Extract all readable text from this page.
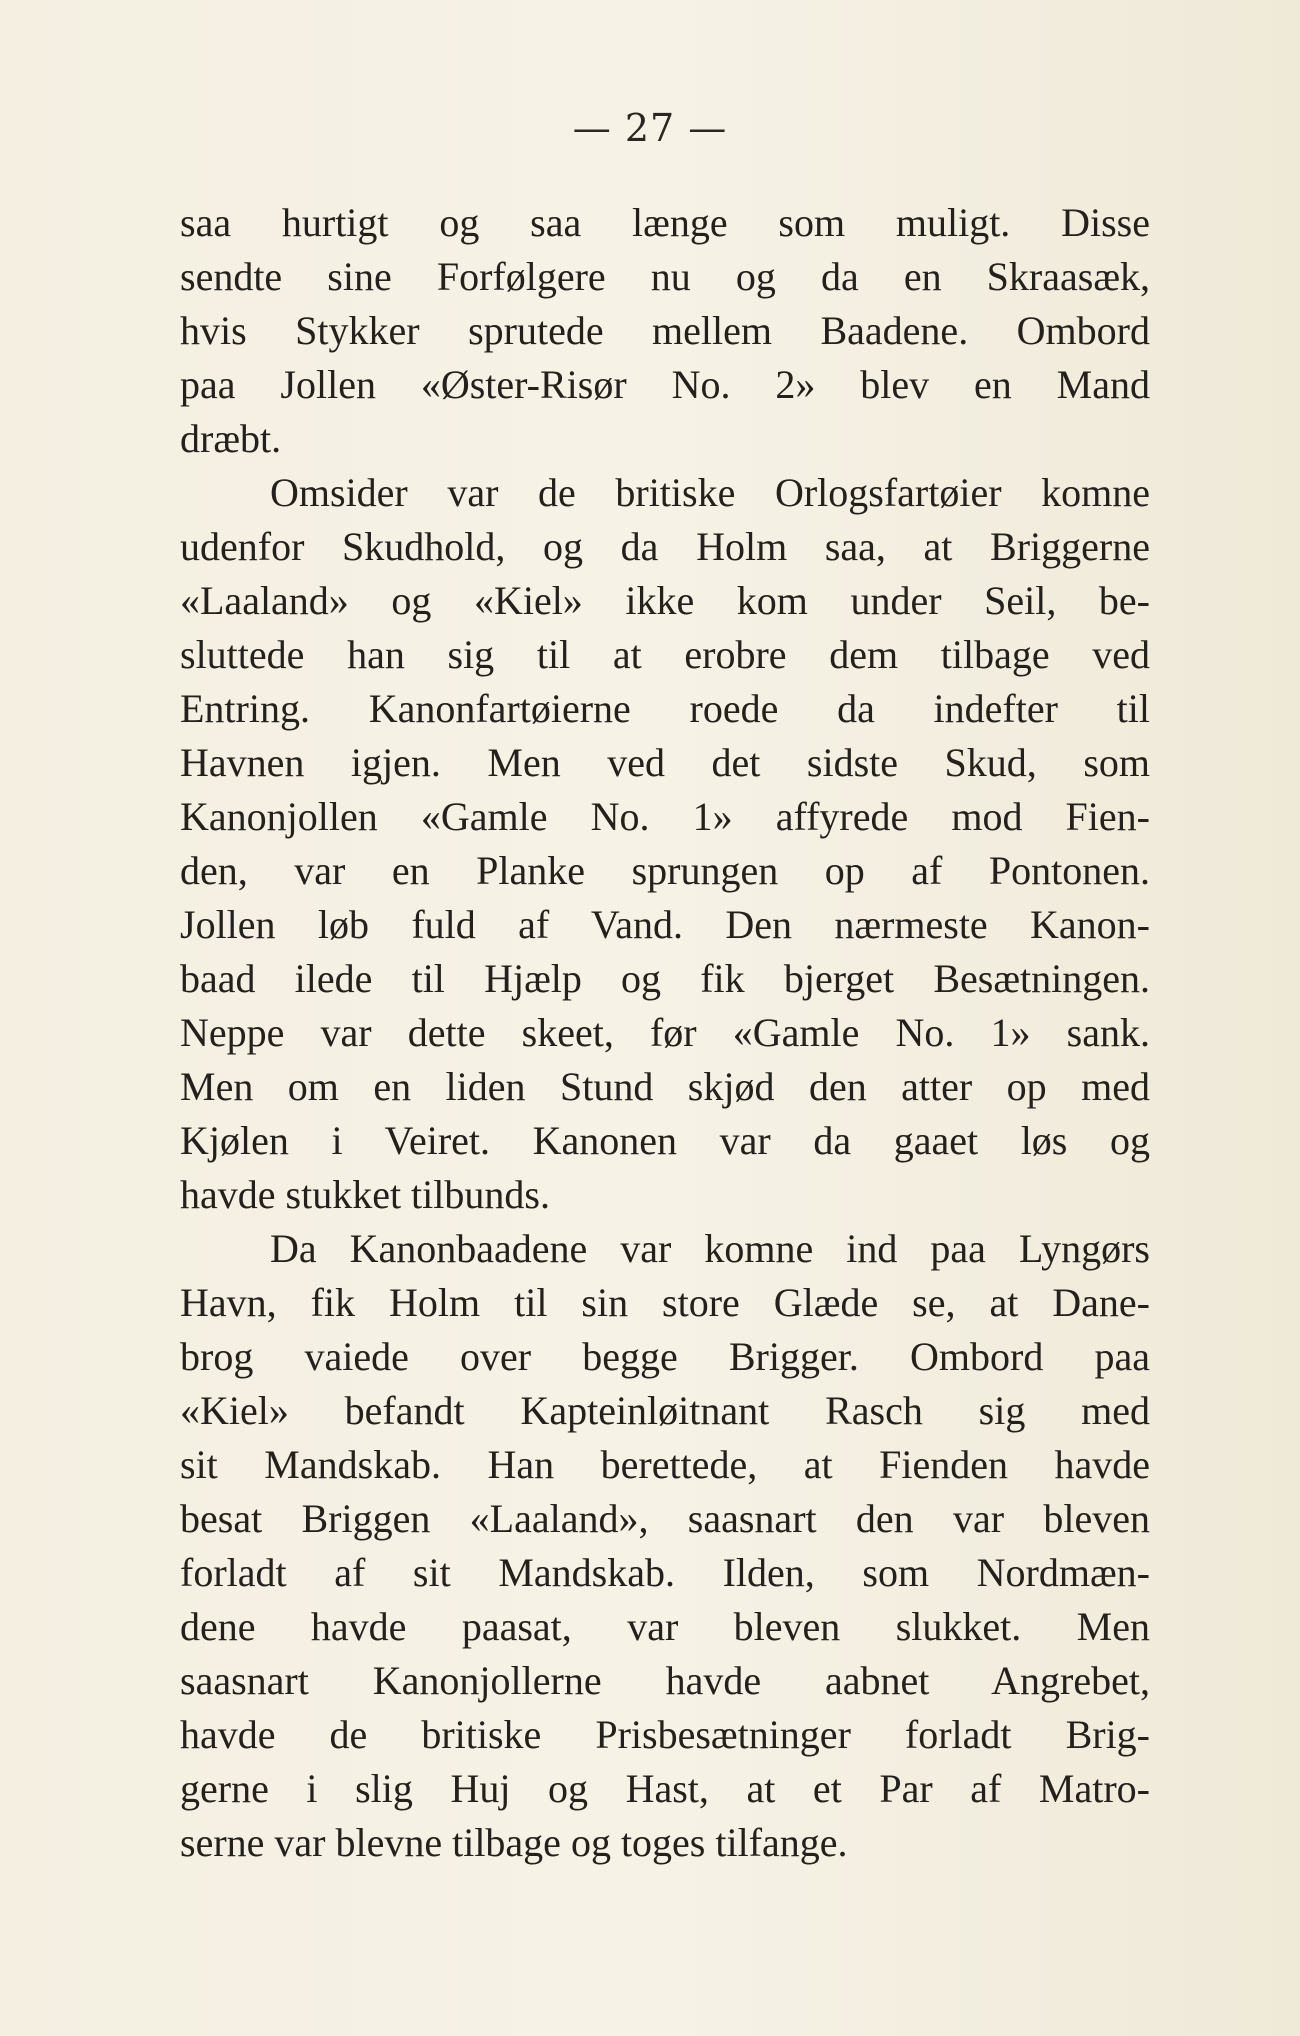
— 27 —
saa hurtigt og saa længe som muligt. Disse
sendte sine Forfølgere nu og da en Skraasæk,
hvis Stykker sprutede mellem Baadene. Ombord
paa Jollen «Øster-Risør No. 2» blev en Mand
dræbt.
Omsider var de britiske Orlogsfartøier komne
udenfor Skudhold, og da Holm saa, at Briggerne
«Laaland» og «Kiel» ikke kom under Seil, be-
sluttede han sig til at erobre dem tilbage ved
Entring. Kanonfartøierne roede da indefter til
Havnen igjen. Men ved det sidste Skud, som
Kanonjollen «Gamle No. 1» affyrede mod Fien-
den, var en Planke sprungen op af Pontonen.
Jollen løb fuld af Vand. Den nærmeste Kanon-
baad ilede til Hjælp og fik bjerget Besætningen.
Neppe var dette skeet, før «Gamle No. 1» sank.
Men om en liden Stund skjød den atter op med
Kjølen i Veiret. Kanonen var da gaaet løs og
havde stukket tilbunds.
Da Kanonbaadene var komne ind paa Lyngørs
Havn, fik Holm til sin store Glæde se, at Dane-
brog vaiede over begge Brigger. Ombord paa
«Kiel» befandt Kapteinløitnant Rasch sig med
sit Mandskab. Han berettede, at Fienden havde
besat Briggen «Laaland», saasnart den var bleven
forladt af sit Mandskab. Ilden, som Nordmæn-
dene havde paasat, var bleven slukket. Men
saasnart Kanonjollerne havde aabnet Angrebet,
havde de britiske Prisbesætninger forladt Brig-
gerne i slig Huj og Hast, at et Par af Matro-
serne var blevne tilbage og toges tilfange.
